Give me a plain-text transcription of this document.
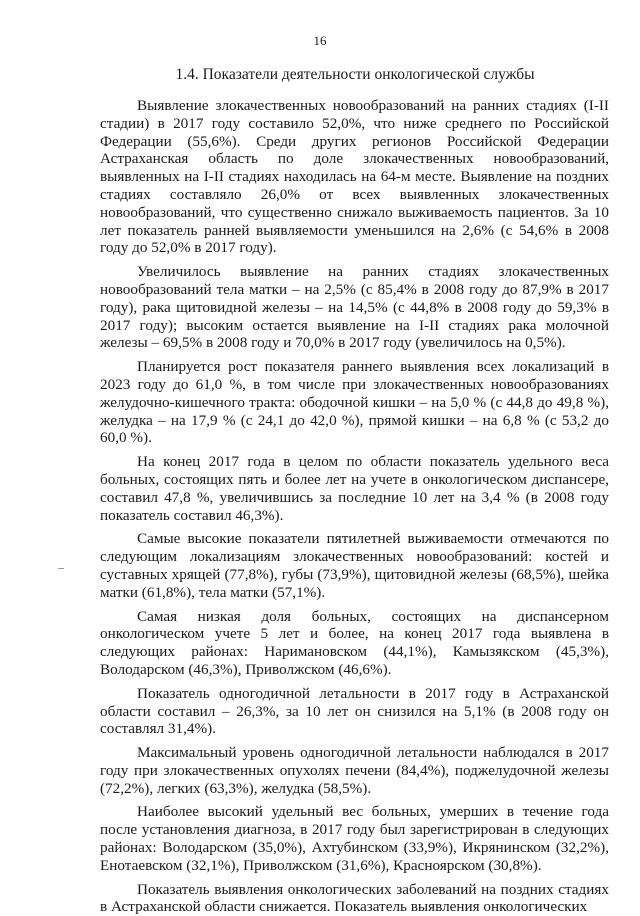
16
1.4. Показатели деятельности онкологической службы

Выявление злокачественных новообразований на ранних стадиях (I-II стадии) в 2017 году составило 52,0%, что ниже среднего по Российской Федерации (55,6%). Среди других регионов Российской Федерации Астраханская область по доле злокачественных новообразований, выявленных на I-II стадиях находилась на 64-м месте. Выявление на поздних стадиях составляло 26,0% от всех выявленных злокачественных новообразований, что существенно снижало выживаемость пациентов. За 10 лет показатель ранней выявляемости уменьшился на 2,6% (с 54,6% в 2008 году до 52,0% в 2017 году).

Увеличилось выявление на ранних стадиях злокачественных новообразований тела матки – на 2,5% (с 85,4% в 2008 году до 87,9% в 2017 году), рака щитовидной железы – на 14,5% (с 44,8% в 2008 году до 59,3% в 2017 году); высоким остается выявление на I-II стадиях рака молочной железы – 69,5% в 2008 году и 70,0% в 2017 году (увеличилось на 0,5%).

Планируется рост показателя раннего выявления всех локализаций в 2023 году до 61,0 %, в том числе при злокачественных новообразованиях желудочно-кишечного тракта: ободочной кишки – на 5,0 % (с 44,8 до 49,8 %), желудка – на 17,9 % (с 24,1 до 42,0 %), прямой кишки – на 6,8 % (с 53,2 до 60,0 %).

На конец 2017 года в целом по области показатель удельного веса больных, состоящих пять и более лет на учете в онкологическом диспансере, составил 47,8 %, увеличившись за последние 10 лет на 3,4 % (в 2008 году показатель составил 46,3%).

Самые высокие показатели пятилетней выживаемости отмечаются по следующим локализациям злокачественных новообразований: костей и суставных хрящей (77,8%), губы (73,9%), щитовидной железы (68,5%), шейка матки (61,8%), тела матки (57,1%).

Самая низкая доля больных, состоящих на диспансерном онкологическом учете 5 лет и более, на конец 2017 года выявлена в следующих районах: Наримановском (44,1%), Камызякском (45,3%), Володарском (46,3%), Приволжском (46,6%).

Показатель одногодичной летальности в 2017 году в Астраханской области составил – 26,3%, за 10 лет он снизился на 5,1% (в 2008 году он составлял 31,4%).

Максимальный уровень одногодичной летальности наблюдался в 2017 году при злокачественных опухолях печени (84,4%), поджелудочной железы (72,2%), легких (63,3%), желудка (58,5%).

Наиболее высокий удельный вес больных, умерших в течение года после установления диагноза, в 2017 году был зарегистрирован в следующих районах: Володарском (35,0%), Ахтубинском (33,9%), Икрянинском (32,2%), Енотаевском (32,1%), Приволжском (31,6%), Красноярском (30,8%).

Показатель выявления онкологических заболеваний на поздних стадиях в Астраханской области снижается. Показатель выявления онкологических
